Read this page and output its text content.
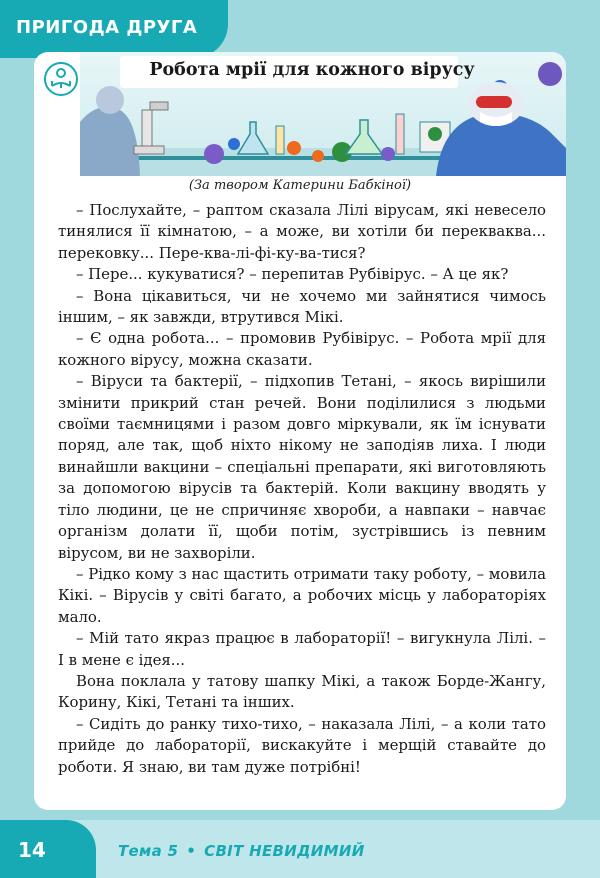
ПРИГОДА ДРУГА
Робота мрії для кожного вірусу
(За твором Катерини Бабкіної)

– Послухайте, – раптом сказала Лілі вірусам, які невесело тинялися її кімнатою, – а може, ви хотіли би перекваква... перековку... Пере-ква-лі-фі-ку-ва-тися?

– Пере... кукуватися? – перепитав Рубівірус. – А це як?

– Вона цікавиться, чи не хочемо ми зайнятися чимось іншим, – як завжди, втрутився Мікі.

– Є одна робота... – промовив Рубівірус. – Робота мрії для кожного вірусу, можна сказати.

– Віруси та бактерії, – підхопив Тетані, – якось вирішили змінити прикрий стан речей. Вони поділилися з людьми своїми таємницями і разом довго міркували, як їм існувати поряд, але так, щоб ніхто нікому не заподіяв лиха. І люди винайшли вакцини – спеціальні препарати, які виготовляють за допомогою вірусів та бактерій. Коли вакцину вводять у тіло людини, це не спричиняє хвороби, а навпаки – навчає організм долати її, щоби потім, зустрівшись із певним вірусом, ви не захворіли.

– Рідко кому з нас щастить отримати таку роботу, – мовила Кікі. – Вірусів у світі багато, а робочих місць у лабораторіях мало.

– Мій тато якраз працює в лабораторії! – вигукнула Лілі. – І в мене є ідея...

Вона поклала у татову шапку Мікі, а також Борде-Жангу, Корину, Кікі, Тетані та інших.

– Сидіть до ранку тихо-тихо, – наказала Лілі, – а коли тато прийде до лабораторії, вискакуйте і мерщій ставайте до роботи. Я знаю, ви там дуже потрібні!

14	Тема 5 • СВІТ НЕВИДИМИЙ
